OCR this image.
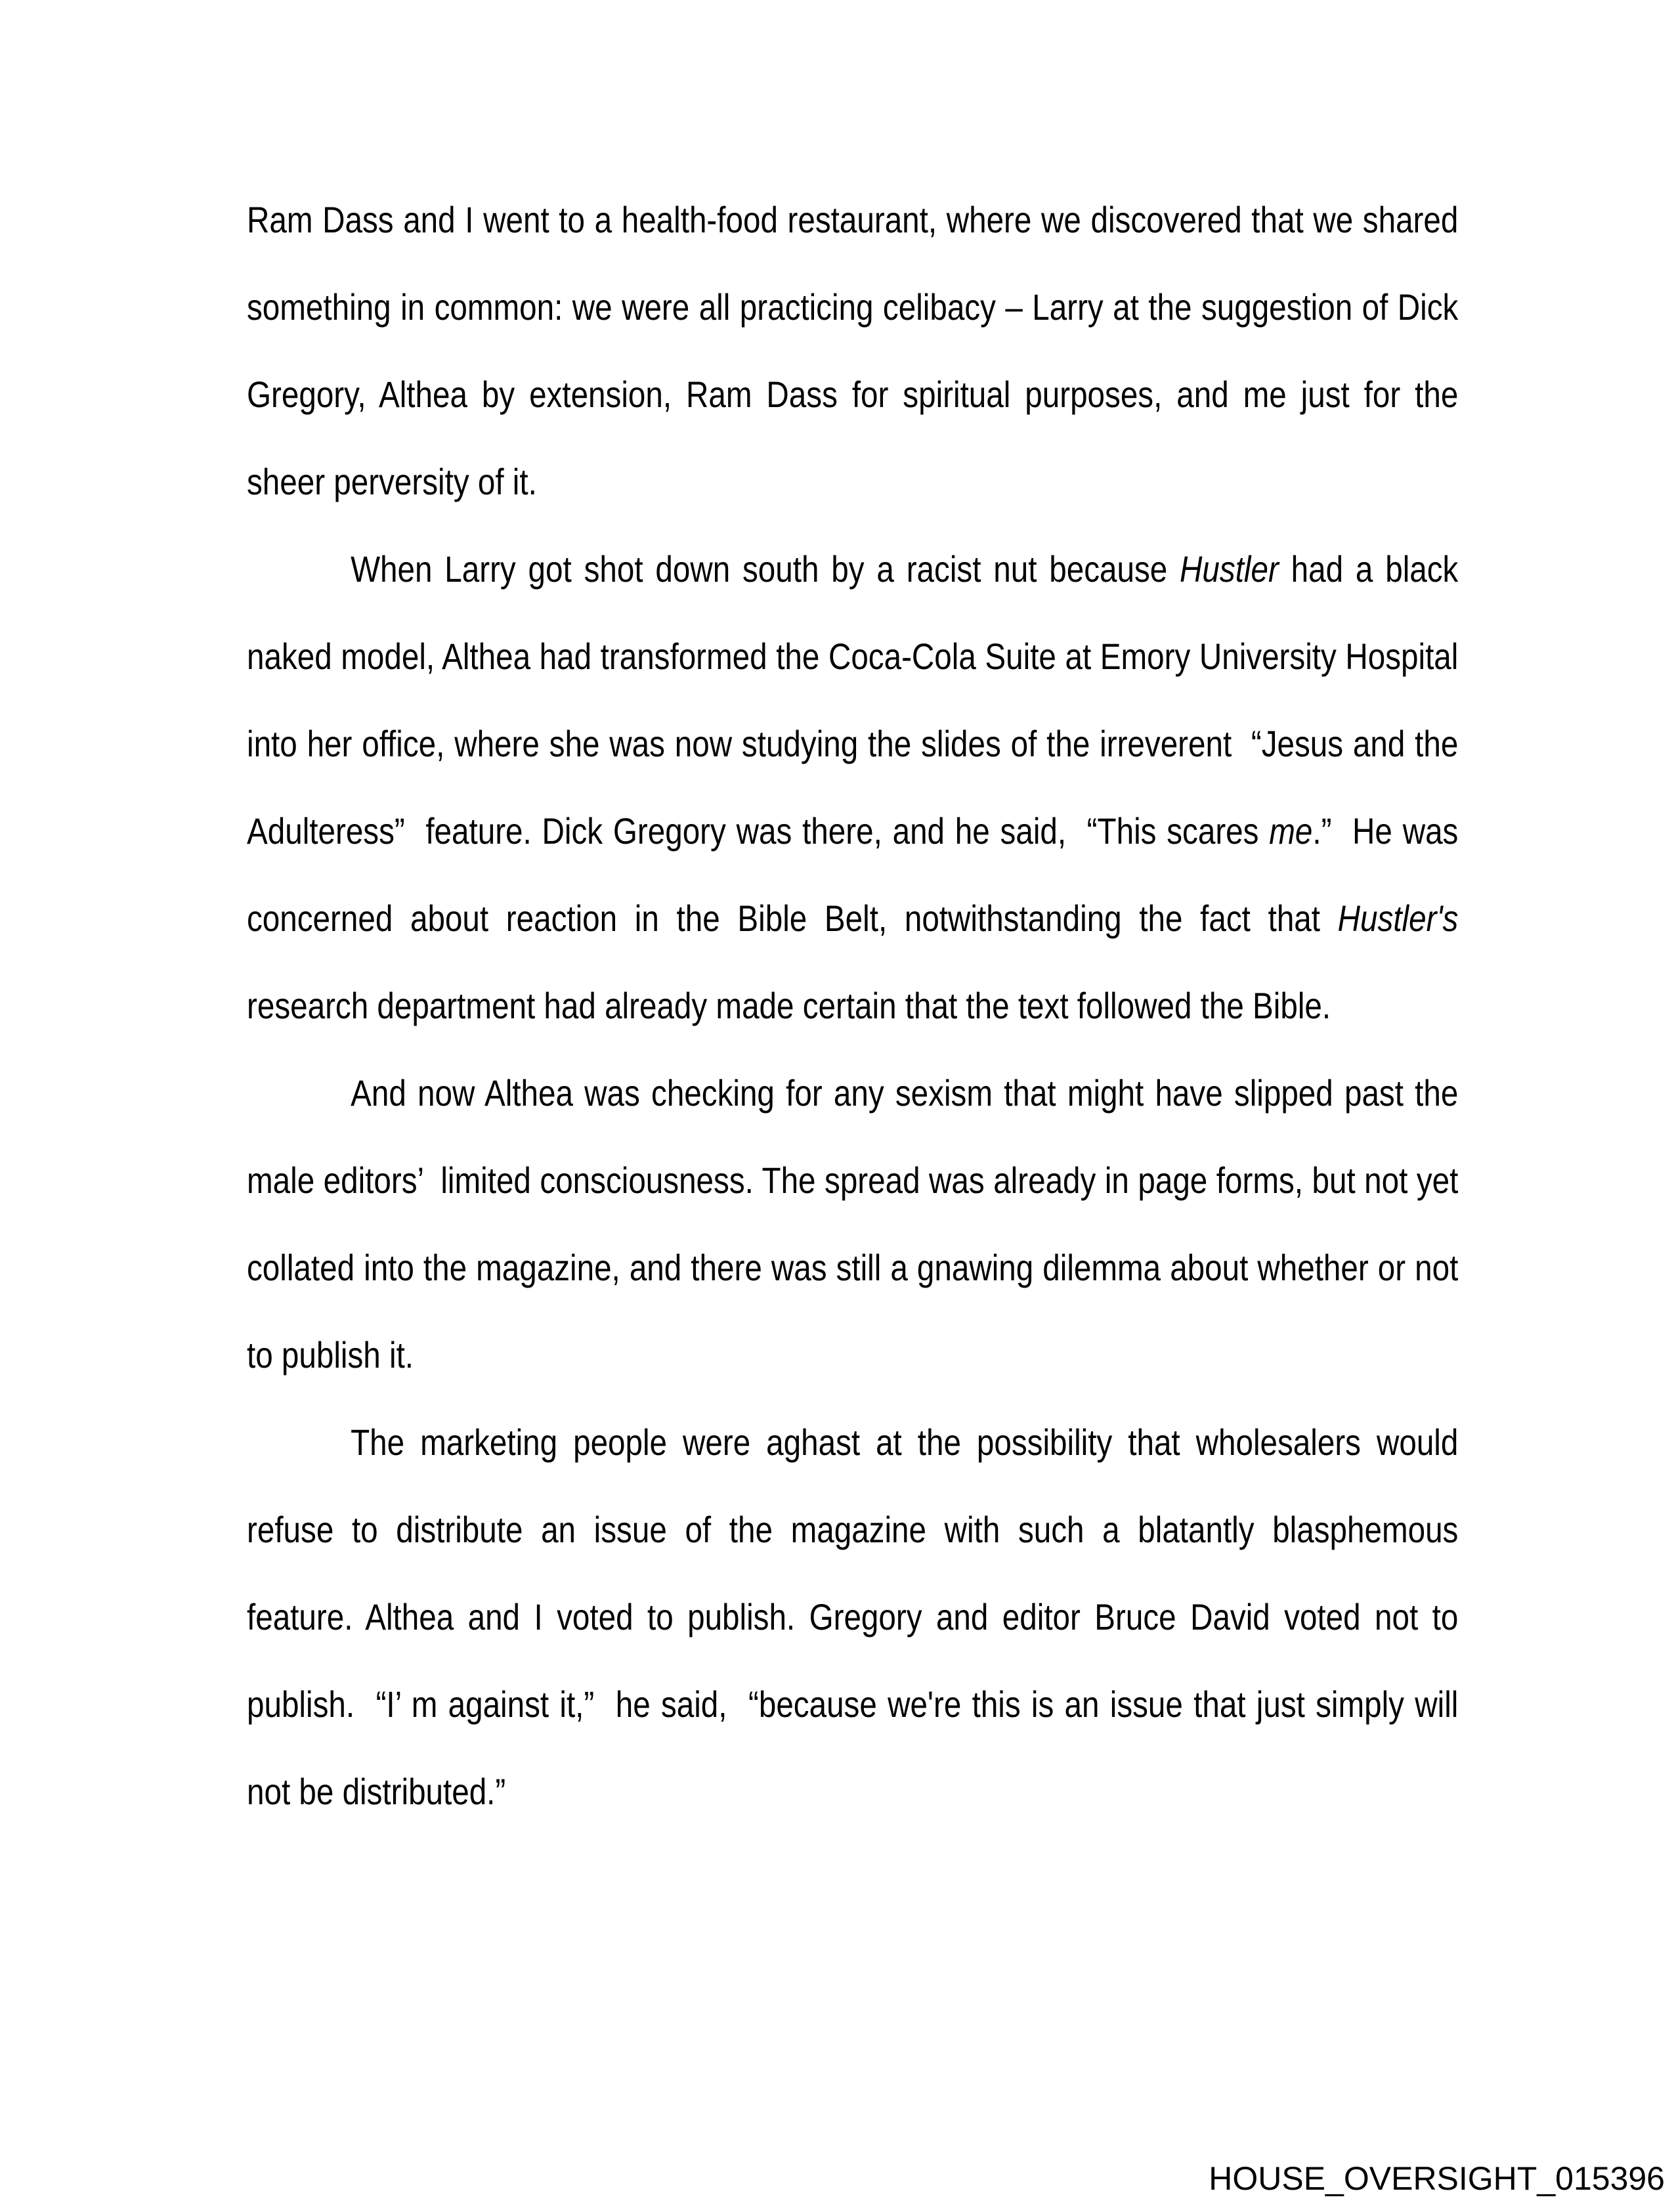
Ram Dass and I went to a health-food restaurant, where we discovered that we shared something in common: we were all practicing celibacy – Larry at the suggestion of Dick Gregory, Althea by extension, Ram Dass for spiritual purposes, and me just for the sheer perversity of it.

When Larry got shot down south by a racist nut because Hustler had a black naked model, Althea had transformed the Coca-Cola Suite at Emory University Hospital into her office, where she was now studying the slides of the irreverent  “Jesus and the Adulteress”  feature. Dick Gregory was there, and he said,  “This scares me.”  He was concerned about reaction in the Bible Belt, notwithstanding the fact that Hustler's research department had already made certain that the text followed the Bible.

And now Althea was checking for any sexism that might have slipped past the male editors’  limited consciousness. The spread was already in page forms, but not yet collated into the magazine, and there was still a gnawing dilemma about whether or not to publish it.

The marketing people were aghast at the possibility that wholesalers would refuse to distribute an issue of the magazine with such a blatantly blasphemous feature. Althea and I voted to publish. Gregory and editor Bruce David voted not to publish.  “I’ m against it,”  he said,  “because we're this is an issue that just simply will not be distributed.”

HOUSE_OVERSIGHT_015396
